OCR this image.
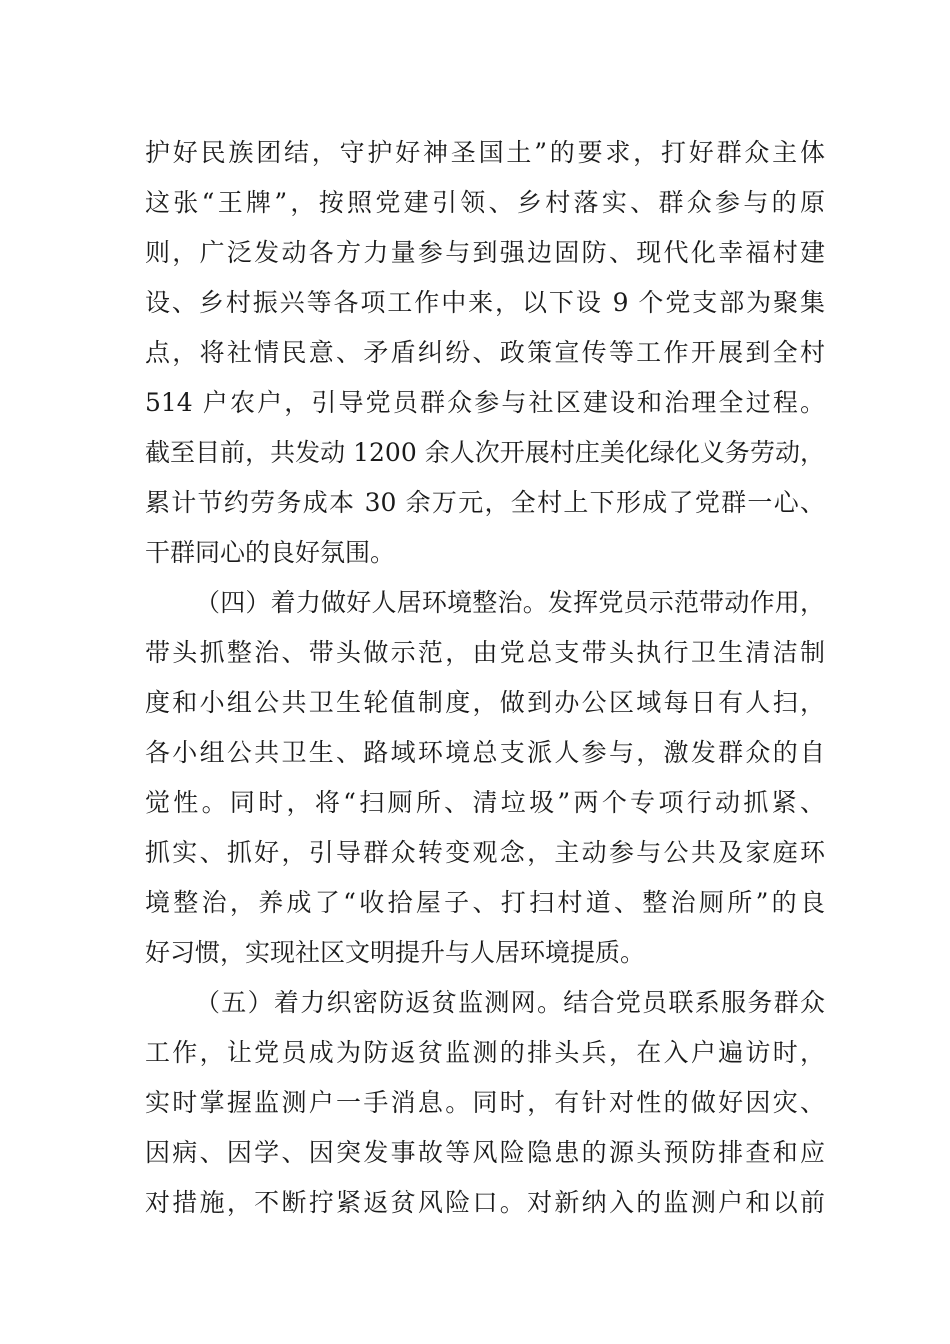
护好民族团结，守护好神圣国土”的要求，打好群众主体
这张“王牌”，按照党建引领、乡村落实、群众参与的原
则，广泛发动各方力量参与到强边固防、现代化幸福村建
设、乡村振兴等各项工作中来，以下设 9 个党支部为聚集
点，将社情民意、矛盾纠纷、政策宣传等工作开展到全村
514 户农户，引导党员群众参与社区建设和治理全过程。
截至目前，共发动 1200 余人次开展村庄美化绿化义务劳动，
累计节约劳务成本 30 余万元，全村上下形成了党群一心、
干群同心的良好氛围。
（四）着力做好人居环境整治。发挥党员示范带动作用，
带头抓整治、带头做示范，由党总支带头执行卫生清洁制
度和小组公共卫生轮值制度，做到办公区域每日有人扫，
各小组公共卫生、路域环境总支派人参与，激发群众的自
觉性。同时，将“扫厕所、清垃圾”两个专项行动抓紧、
抓实、抓好，引导群众转变观念，主动参与公共及家庭环
境整治，养成了“收拾屋子、打扫村道、整治厕所”的良
好习惯，实现社区文明提升与人居环境提质。
（五）着力织密防返贫监测网。结合党员联系服务群众
工作，让党员成为防返贫监测的排头兵，在入户遍访时，
实时掌握监测户一手消息。同时，有针对性的做好因灾、
因病、因学、因突发事故等风险隐患的源头预防排查和应
对措施，不断拧紧返贫风险口。对新纳入的监测户和以前
